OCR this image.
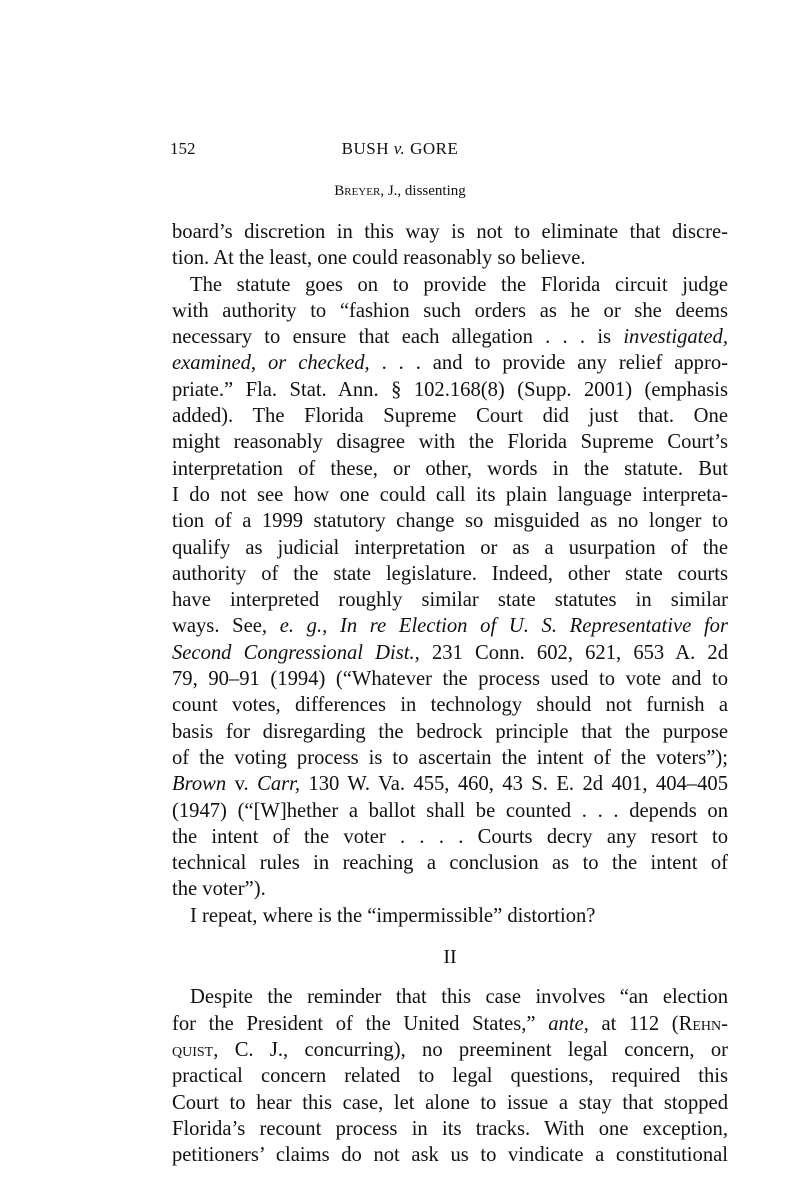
152	BUSH v. GORE
Breyer, J., dissenting
board’s discretion in this way is not to eliminate that discre-
tion. At the least, one could reasonably so believe.
The statute goes on to provide the Florida circuit judge
with authority to “fashion such orders as he or she deems
necessary to ensure that each allegation . . . is investigated,
examined, or checked, . . . and to provide any relief appro-
priate.” Fla. Stat. Ann. § 102.168(8) (Supp. 2001) (emphasis
added). The Florida Supreme Court did just that. One
might reasonably disagree with the Florida Supreme Court’s
interpretation of these, or other, words in the statute. But
I do not see how one could call its plain language interpreta-
tion of a 1999 statutory change so misguided as no longer to
qualify as judicial interpretation or as a usurpation of the
authority of the state legislature. Indeed, other state courts
have interpreted roughly similar state statutes in similar
ways. See, e. g., In re Election of U. S. Representative for
Second Congressional Dist., 231 Conn. 602, 621, 653 A. 2d
79, 90–91 (1994) (“Whatever the process used to vote and to
count votes, differences in technology should not furnish a
basis for disregarding the bedrock principle that the purpose
of the voting process is to ascertain the intent of the voters”);
Brown v. Carr, 130 W. Va. 455, 460, 43 S. E. 2d 401, 404–405
(1947) (“[W]hether a ballot shall be counted . . . depends on
the intent of the voter . . . . Courts decry any resort to
technical rules in reaching a conclusion as to the intent of
the voter”).
I repeat, where is the “impermissible” distortion?
II
Despite the reminder that this case involves “an election
for the President of the United States,” ante, at 112 (Rehn-
quist, C. J., concurring), no preeminent legal concern, or
practical concern related to legal questions, required this
Court to hear this case, let alone to issue a stay that stopped
Florida’s recount process in its tracks. With one exception,
petitioners’ claims do not ask us to vindicate a constitutional
